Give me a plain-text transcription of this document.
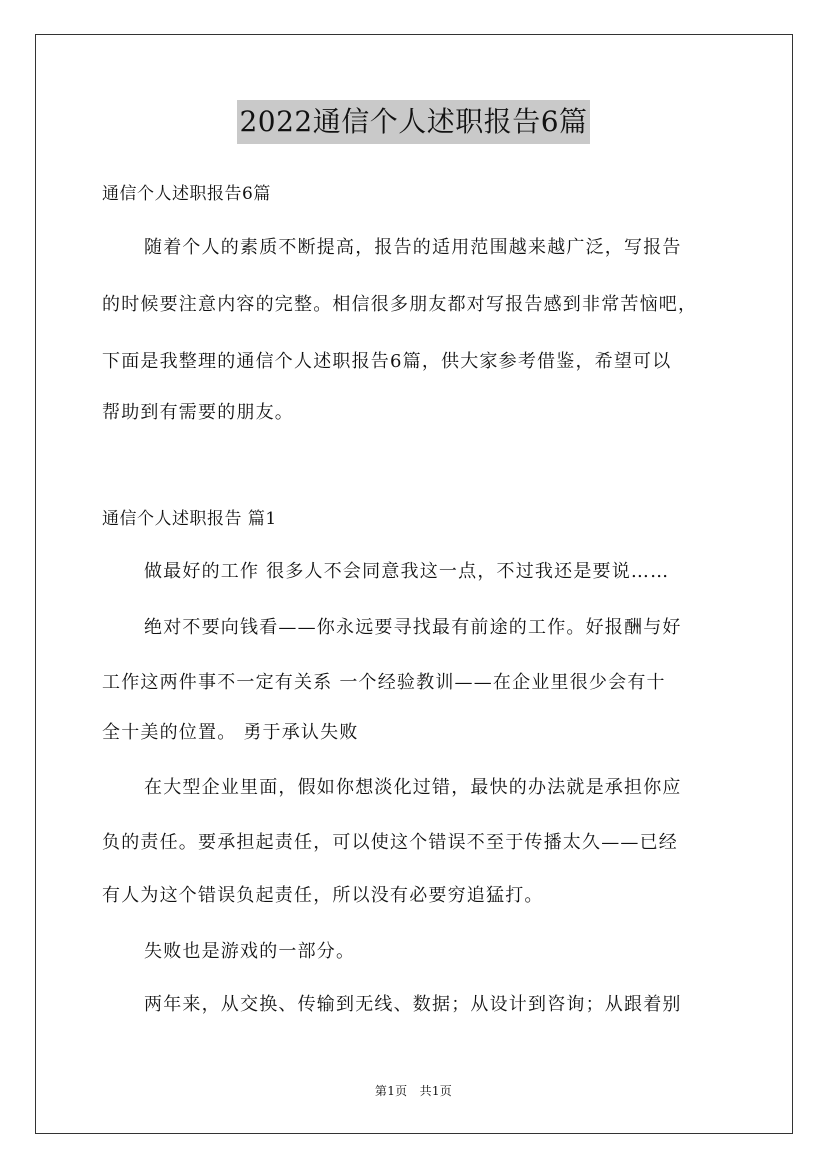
2022通信个人述职报告6篇
通信个人述职报告6篇
随着个人的素质不断提高，报告的适用范围越来越广泛，写报告
的时候要注意内容的完整。相信很多朋友都对写报告感到非常苦恼吧，
下面是我整理的通信个人述职报告6篇，供大家参考借鉴，希望可以
帮助到有需要的朋友。
通信个人述职报告 篇1
做最好的工作 很多人不会同意我这一点，不过我还是要说……
绝对不要向钱看——你永远要寻找最有前途的工作。好报酬与好
工作这两件事不一定有关系 一个经验教训——在企业里很少会有十
全十美的位置。 勇于承认失败
在大型企业里面，假如你想淡化过错，最快的办法就是承担你应
负的责任。要承担起责任，可以使这个错误不至于传播太久——已经
有人为这个错误负起责任，所以没有必要穷追猛打。
失败也是游戏的一部分。
两年来，从交换、传输到无线、数据；从设计到咨询；从跟着别
第1页 共1页
